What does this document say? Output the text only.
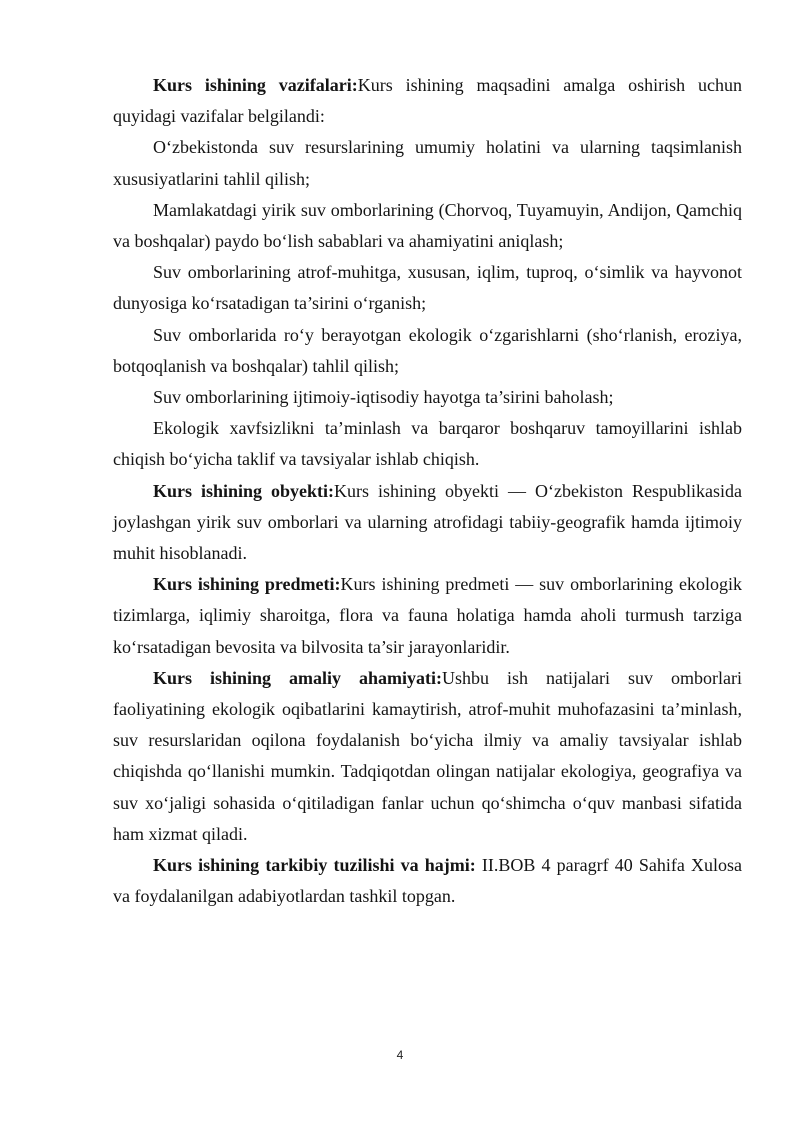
Kurs ishining vazifalari:Kurs ishining maqsadini amalga oshirish uchun quyidagi vazifalar belgilandi:

O‘zbekistonda suv resurslarining umumiy holatini va ularning taqsimlanish xususiyatlarini tahlil qilish;

Mamlakatdagi yirik suv omborlarining (Chorvoq, Tuyamuyin, Andijon, Qamchiq va boshqalar) paydo bo‘lish sabablari va ahamiyatini aniqlash;

Suv omborlarining atrof-muhitga, xususan, iqlim, tuproq, o‘simlik va hayvonot dunyosiga ko‘rsatadigan ta’sirini o‘rganish;

Suv omborlarida ro‘y berayotgan ekologik o‘zgarishlarni (sho‘rlanish, eroziya, botqoqlanish va boshqalar) tahlil qilish;

Suv omborlarining ijtimoiy-iqtisodiy hayotga ta’sirini baholash;

Ekologik xavfsizlikni ta’minlash va barqaror boshqaruv tamoyillarini ishlab chiqish bo‘yicha taklif va tavsiyalar ishlab chiqish.

Kurs ishining obyekti:Kurs ishining obyekti — O‘zbekiston Respublikasida joylashgan yirik suv omborlari va ularning atrofidagi tabiiy-geografik hamda ijtimoiy muhit hisoblanadi.

Kurs ishining predmeti:Kurs ishining predmeti — suv omborlarining ekologik tizimlarga, iqlimiy sharoitga, flora va fauna holatiga hamda aholi turmush tarziga ko‘rsatadigan bevosita va bilvosita ta’sir jarayonlaridir.

Kurs ishining amaliy ahamiyati:Ushbu ish natijalari suv omborlari faoliyatining ekologik oqibatlarini kamaytirish, atrof-muhit muhofazasini ta’minlash, suv resurslaridan oqilona foydalanish bo‘yicha ilmiy va amaliy tavsiyalar ishlab chiqishda qo‘llanishi mumkin. Tadqiqotdan olingan natijalar ekologiya, geografiya va suv xo‘jaligi sohasida o‘qitiladigan fanlar uchun qo‘shimcha o‘quv manbasi sifatida ham xizmat qiladi.

Kurs ishining tarkibiy tuzilishi va hajmi: II.BOB 4 paragrf 40 Sahifa Xulosa va foydalanilgan adabiyotlardan tashkil topgan.

4
